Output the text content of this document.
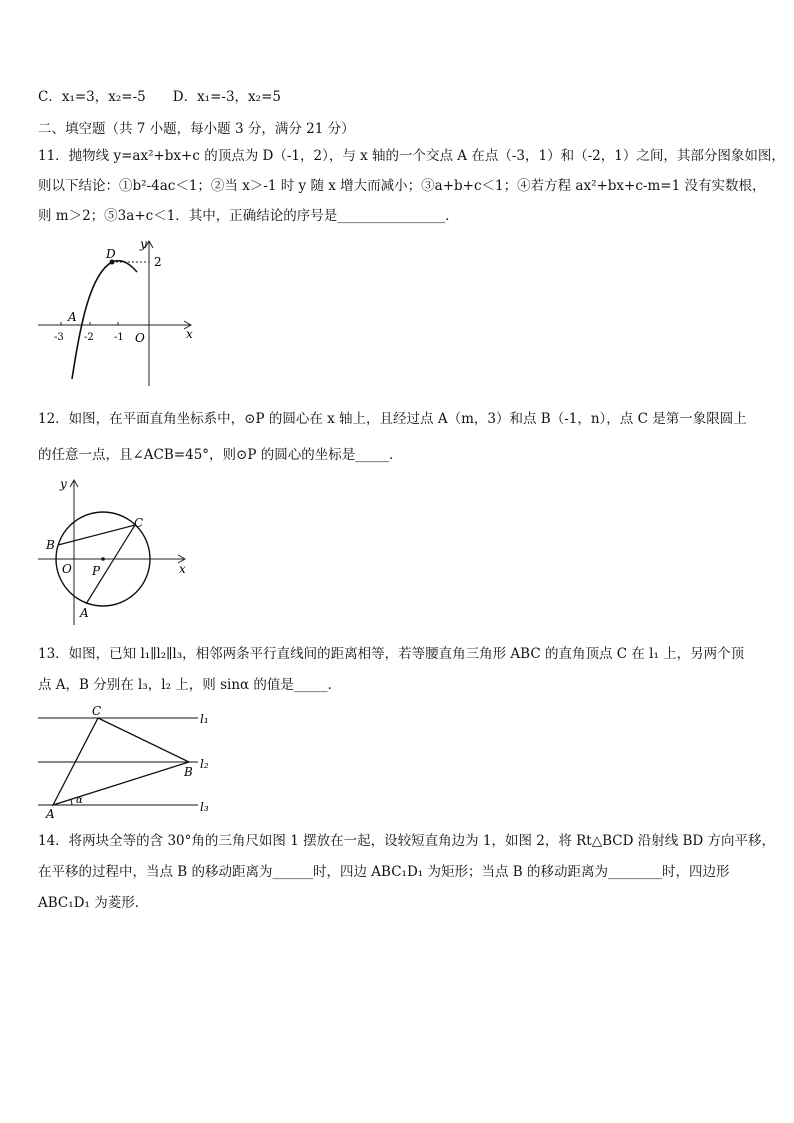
C．x₁=3，x₂=-5　　D．x₁=-3，x₂=5
二、填空题（共 7 小题，每小题 3 分，满分 21 分）
11．抛物线 y=ax²+bx+c 的顶点为 D（-1，2），与 x 轴的一个交点 A 在点（-3，1）和（-2，1）之间，其部分图象如图，
则以下结论：①b²-4ac＜1；②当 x＞-1 时 y 随 x 增大而减小；③a+b+c＜1；④若方程 ax²+bx+c-m=1 没有实数根，
则 m＞2；⑤3a+c＜1．其中，正确结论的序号是________________．
D
y
2
A
-3 -2 -1 O	x
12．如图，在平面直角坐标系中，⊙P 的圆心在 x 轴上，且经过点 A（m，3）和点 B（-1，n），点 C 是第一象限圆上
的任意一点，且∠ACB=45°，则⊙P 的圆心的坐标是_____．
y
C
B
O P	x
A
13．如图，已知 l₁∥l₂∥l₃，相邻两条平行直线间的距离相等，若等腰直角三角形 ABC 的直角顶点 C 在 l₁ 上，另两个顶
点 A，B 分别在 l₃，l₂ 上，则 sinα 的值是_____．
C
l₁
B
l₂
A
α	l₃
14．将两块全等的含 30°角的三角尺如图 1 摆放在一起，设较短直角边为 1，如图 2，将 Rt△BCD 沿射线 BD 方向平移，
在平移的过程中，当点 B 的移动距离为______时，四边 ABC₁D₁ 为矩形；当点 B 的移动距离为________时，四边形
ABC₁D₁ 为菱形．
